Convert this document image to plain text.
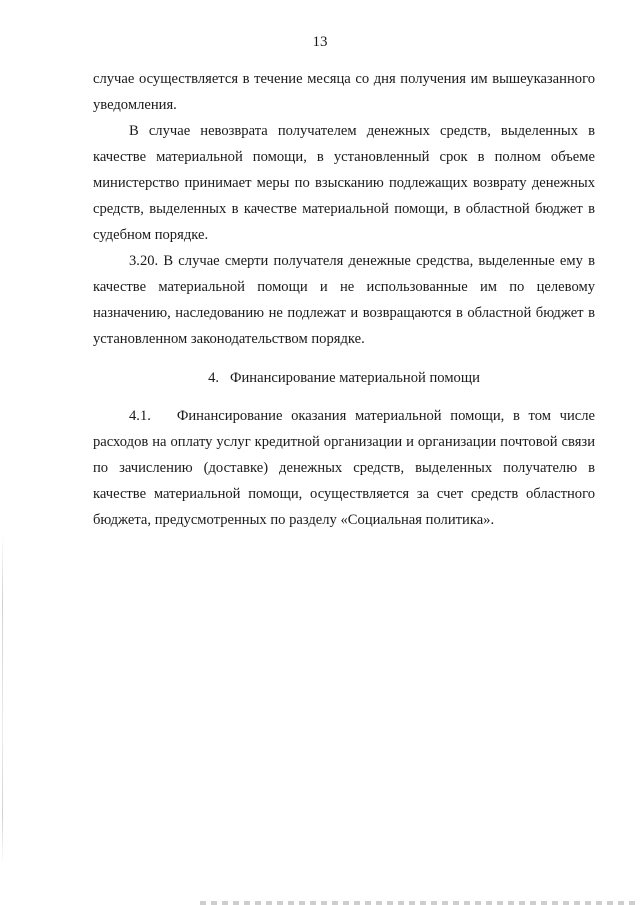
13

случае осуществляется в течение месяца со дня получения им вышеуказанного уведомления.

В случае невозврата получателем денежных средств, выделенных в качестве материальной помощи, в установленный срок в полном объеме министерство принимает меры по взысканию подлежащих возврату денежных средств, выделенных в качестве материальной помощи, в областной бюджет в судебном порядке.

3.20. В случае смерти получателя денежные средства, выделенные ему в качестве материальной помощи и не использованные им по целевому назначению, наследованию не подлежат и возвращаются в областной бюджет в установленном законодательством порядке.

4.   Финансирование материальной помощи

4.1.   Финансирование оказания материальной помощи, в том числе расходов на оплату услуг кредитной организации и организации почтовой связи по зачислению (доставке) денежных средств, выделенных получателю в качестве материальной помощи, осуществляется за счет средств областного бюджета, предусмотренных по разделу «Социальная политика».
